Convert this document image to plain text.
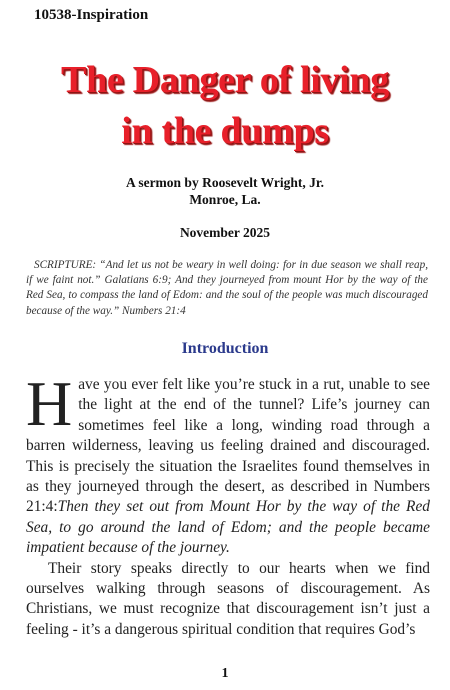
10538-Inspiration
The Danger of living
in the dumps
A sermon by Roosevelt Wright, Jr.
Monroe, La.
November 2025
SCRIPTURE: “And let us not be weary in well doing: for in due season we shall reap, if we faint not.” Galatians 6:9; And they journeyed from mount Hor by the way of the Red Sea, to compass the land of Edom: and the soul of the people was much discouraged because of the way.” Numbers 21:4
Introduction

Have you ever felt like you’re stuck in a rut, unable to see the light at the end of the tunnel? Life’s journey can sometimes feel like a long, winding road through a barren wilderness, leaving us feeling drained and discouraged. This is precisely the situation the Israelites found themselves in as they journeyed through the desert, as described in Numbers 21:4:Then they set out from Mount Hor by the way of the Red Sea, to go around the land of Edom; and the people became impatient because of the journey.

Their story speaks directly to our hearts when we find ourselves walking through seasons of discouragement. As Christians, we must recognize that discouragement isn’t just a feeling - it’s a dangerous spiritual condition that requires God’s

1
